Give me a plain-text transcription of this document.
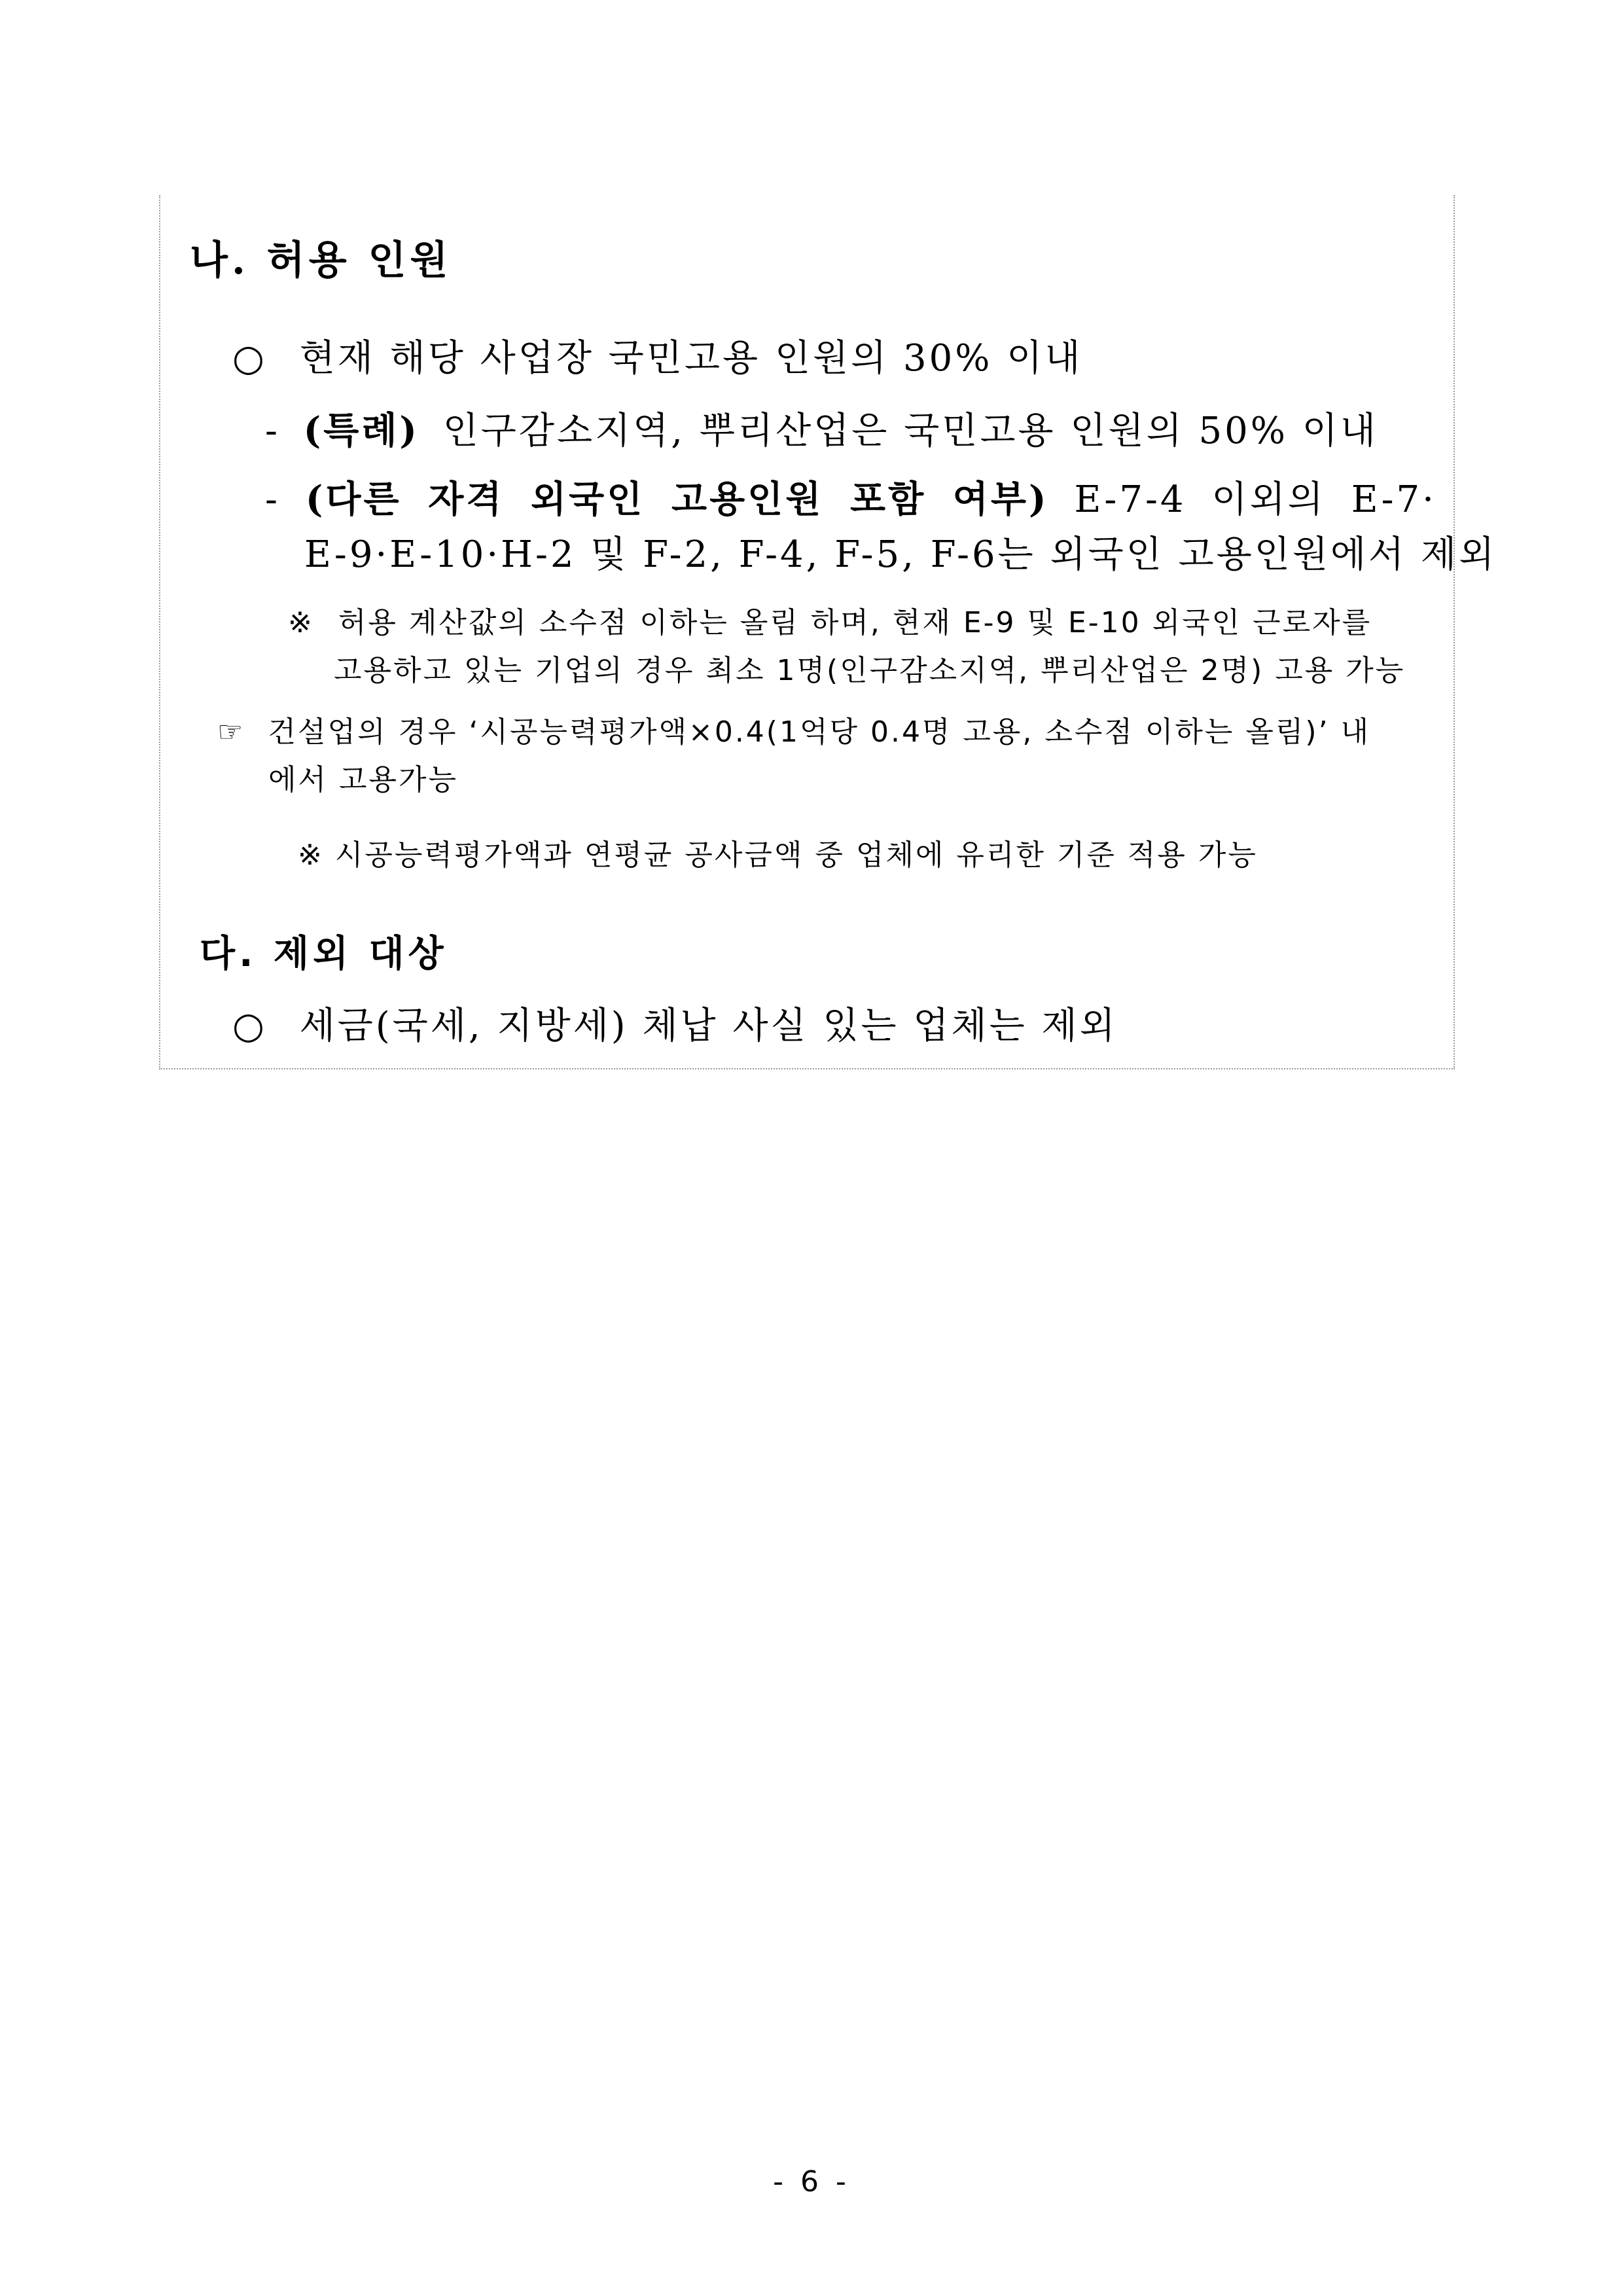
나. 허용 인원
○ 현재 해당 사업장 국민고용 인원의 30% 이내
- (특례) 인구감소지역, 뿌리산업은 국민고용 인원의 50% 이내
- (다른 자격 외국인 고용인원 포함 여부) E-7-4 이외의 E-7·
E-9·E-10·H-2 및 F-2, F-4, F-5, F-6는 외국인 고용인원에서 제외
※ 허용 계산값의 소수점 이하는 올림 하며, 현재 E-9 및 E-10 외국인 근로자를
고용하고 있는 기업의 경우 최소 1명(인구감소지역, 뿌리산업은 2명) 고용 가능
☞ 건설업의 경우 ‘시공능력평가액×0.4(1억당 0.4명 고용, 소수점 이하는 올림)’ 내
에서 고용가능
※ 시공능력평가액과 연평균 공사금액 중 업체에 유리한 기준 적용 가능
다. 제외 대상
○ 세금(국세, 지방세) 체납 사실 있는 업체는 제외
- 6 -
